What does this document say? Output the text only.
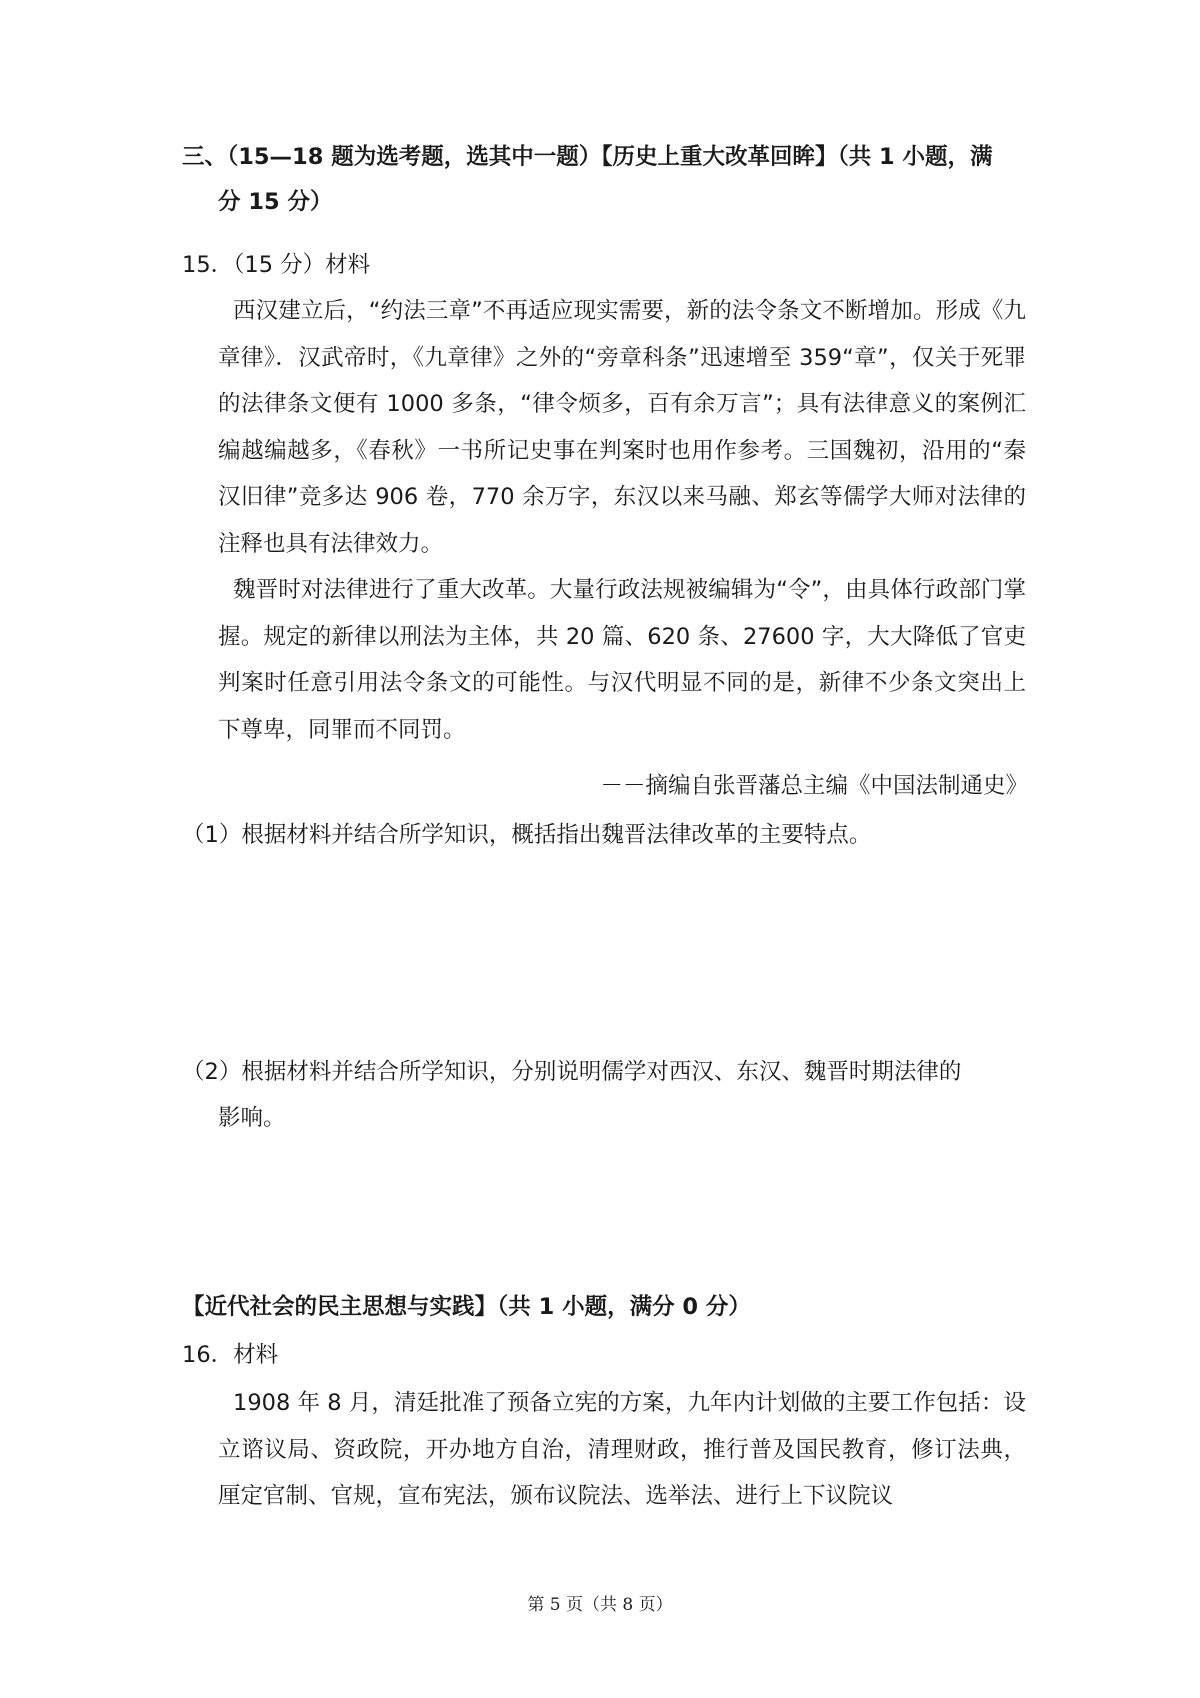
三、（15—18 题为选考题，选其中一题）【历史上重大改革回眸】（共 1 小题，满
分 15 分）
15．（15 分）材料
西汉建立后，“约法三章”不再适应现实需要，新的法令条文不断增加。形成《九章律》．汉武帝时，《九章律》之外的“旁章科条”迅速增至 359“章”，仅关于死罪的法律条文便有 1000 多条，“律令烦多，百有余万言”；具有法律意义的案例汇编越编越多，《春秋》一书所记史事在判案时也用作参考。三国魏初，沿用的“秦汉旧律”竞多达 906 卷，770 余万字，东汉以来马融、郑玄等儒学大师对法律的注释也具有法律效力。
魏晋时对法律进行了重大改革。大量行政法规被编辑为“令”，由具体行政部门掌握。规定的新律以刑法为主体，共 20 篇、620 条、27600 字，大大降低了官吏判案时任意引用法令条文的可能性。与汉代明显不同的是，新律不少条文突出上下尊卑，同罪而不同罚。
－－摘编自张晋藩总主编《中国法制通史》
（1）根据材料并结合所学知识，概括指出魏晋法律改革的主要特点。
（2）根据材料并结合所学知识，分别说明儒学对西汉、东汉、魏晋时期法律的
影响。
【近代社会的民主思想与实践】（共 1 小题，满分 0 分）
16．材料
1908 年 8 月，清廷批准了预备立宪的方案，九年内计划做的主要工作包括：设立谘议局、资政院，开办地方自治，清理财政，推行普及国民教育，修订法典，厘定官制、官规，宣布宪法，颁布议院法、选举法、进行上下议院议
第 5 页（共 8 页）
